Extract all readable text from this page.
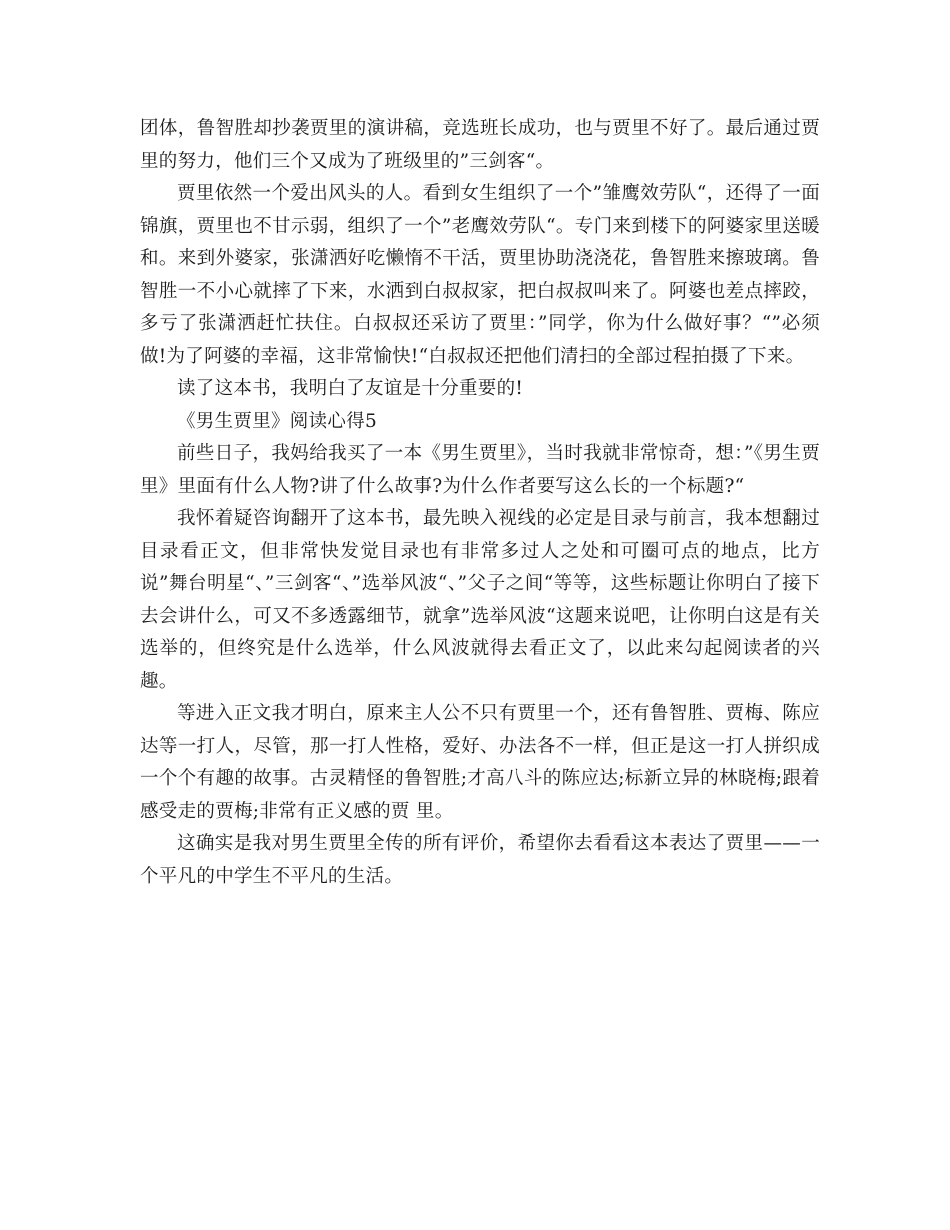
团体，鲁智胜却抄袭贾里的演讲稿，竞选班长成功，也与贾里不好了。最后通过贾里的努力，他们三个又成为了班级里的”三剑客“。

贾里依然一个爱出风头的人。看到女生组织了一个”雏鹰效劳队“，还得了一面锦旗，贾里也不甘示弱，组织了一个”老鹰效劳队“。专门来到楼下的阿婆家里送暖和。来到外婆家，张潇洒好吃懒惰不干活，贾里协助浇浇花，鲁智胜来擦玻璃。鲁智胜一不小心就摔了下来，水洒到白叔叔家，把白叔叔叫来了。阿婆也差点摔跤，多亏了张潇洒赶忙扶住。白叔叔还采访了贾里：”同学，你为什么做好事？“”必须做!为了阿婆的幸福，这非常愉快!“白叔叔还把他们清扫的全部过程拍摄了下来。

读了这本书，我明白了友谊是十分重要的!

《男生贾里》阅读心得5

前些日子，我妈给我买了一本《男生贾里》，当时我就非常惊奇，想：”《男生贾里》里面有什么人物?讲了什么故事?为什么作者要写这么长的一个标题?“

我怀着疑咨询翻开了这本书，最先映入视线的必定是目录与前言，我本想翻过目录看正文，但非常快发觉目录也有非常多过人之处和可圈可点的地点，比方说”舞台明星“、”三剑客“、”选举风波“、”父子之间“等等，这些标题让你明白了接下去会讲什么，可又不多透露细节，就拿”选举风波“这题来说吧，让你明白这是有关选举的，但终究是什么选举，什么风波就得去看正文了，以此来勾起阅读者的兴趣。

等进入正文我才明白，原来主人公不只有贾里一个，还有鲁智胜、贾梅、陈应达等一打人，尽管，那一打人性格，爱好、办法各不一样，但正是这一打人拼织成一个个有趣的故事。古灵精怪的鲁智胜;才高八斗的陈应达;标新立异的林晓梅;跟着感受走的贾梅;非常有正义感的贾 里。

这确实是我对男生贾里全传的所有评价，希望你去看看这本表达了贾里——一个平凡的中学生不平凡的生活。
